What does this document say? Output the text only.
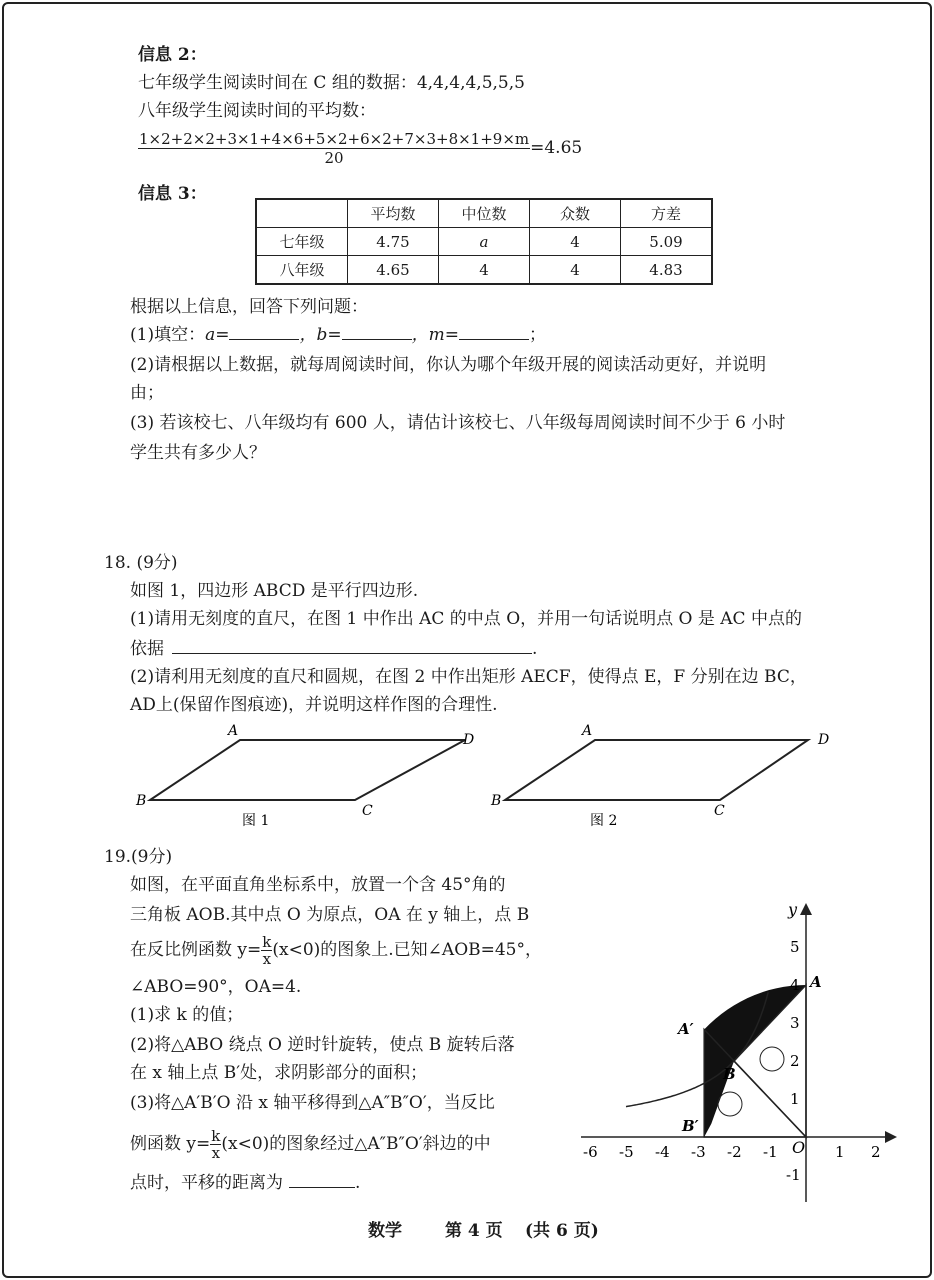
信息 2：
七年级学生阅读时间在 C 组的数据：4,4,4,4,5,5,5
八年级学生阅读时间的平均数：
$\frac{1\times 2+2\times 2+3\times 1+4\times 6+5\times 2+6\times 2+7\times 3+8\times 1+9\times m}{20} =4.65$
信息 3：
	平均数	中位数	众数	方差
七年级	4.75	a	4	5.09
八年级	4.65	4	4	4.83
根据以上信息，回答下列问题：
(1)填空：a=	，b=	，m=	；
(2)请根据以上数据，就每周阅读时间，你认为哪个年级开展的阅读活动更好，并说明
由；
(3) 若该校七、八年级均有 600 人，请估计该校七、八年级每周阅读时间不少于 6 小时
学生共有多少人？
18. (9分)
如图 1，四边形 ABCD 是平行四边形.
(1)请用无刻度的直尺，在图 1 中作出 AC 的中点 O，并用一句话说明点 O 是 AC 中点的
依据	.
(2)请利用无刻度的直尺和圆规，在图 2 中作出矩形 AECF，使得点 E，F 分别在边 BC，
AD上(保留作图痕迹)，并说明这样作图的合理性.
A
D
B
C
图 1
A
D
B
C
图 2
19.(9分)
如图，在平面直角坐标系中，放置一个含 45°角的
三角板 AOB.其中点 O 为原点，OA 在 y 轴上，点 B
在反比例函数 $y= \frac{k}{x} (x<0)$的图象上.已知∠AOB=45°，
∠ABO=90°，OA=4.
(1)求 k 的值；
(2)将△ABO 绕点 O 逆时针旋转，使点 B 旋转后落
在 x 轴上点 B′处，求阴影部分的面积；
(3)将△A′B′O 沿 x 轴平移得到△A″B″O′，当反比
例函数 $y= \frac{k}{x} (x<0)$的图象经过△A″B″O′斜边的中
点时，平移的距离为	.
-6 -5 -4 -3 -2 -1	1 2
5
4
3
2
1
-1
y
O
A
A′
B
B′
数学	第 4 页 (共 6 页)
